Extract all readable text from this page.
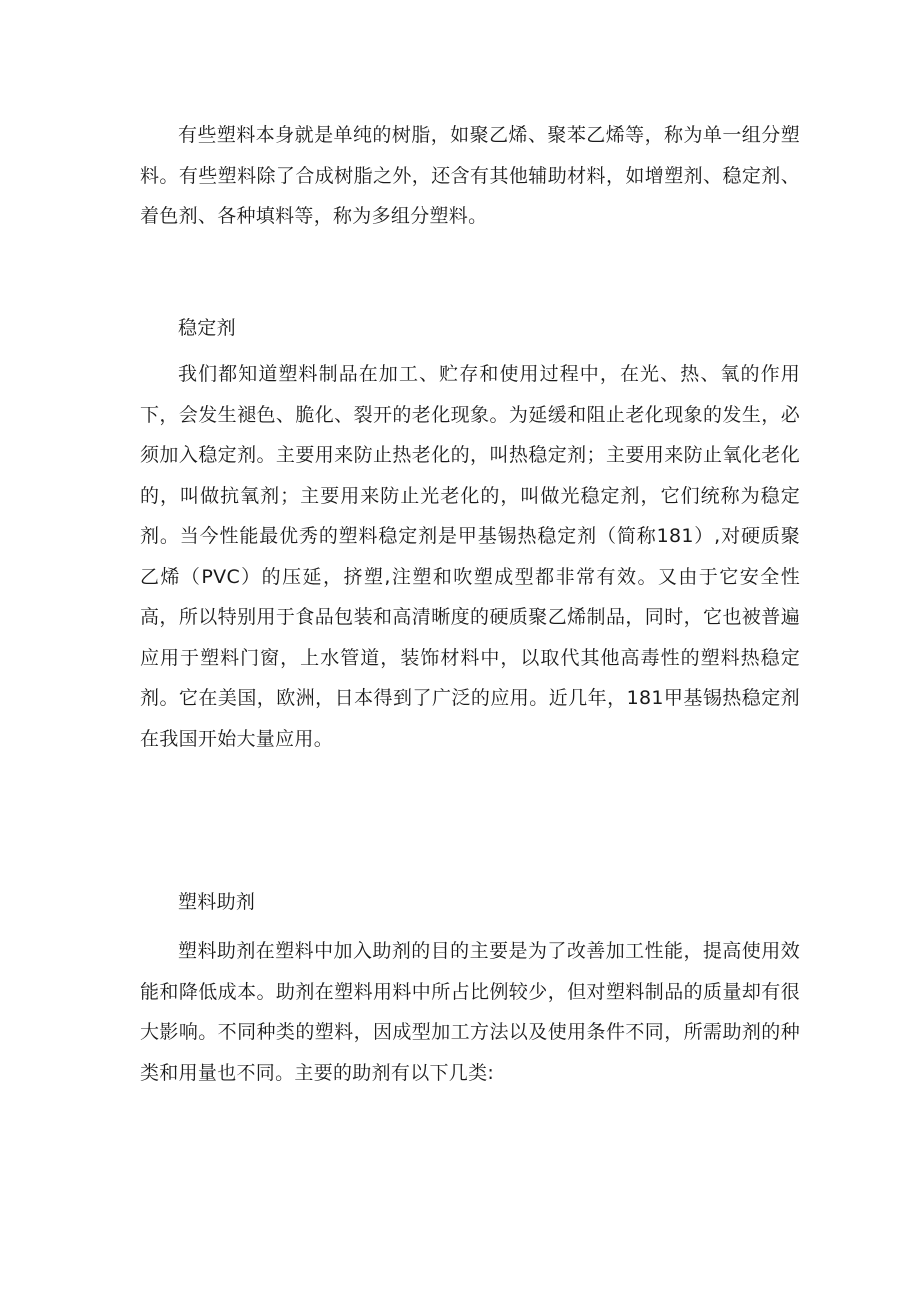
有些塑料本身就是单纯的树脂，如聚乙烯、聚苯乙烯等，称为单一组分塑料。有些塑料除了合成树脂之外，还含有其他辅助材料，如增塑剂、稳定剂、着色剂、各种填料等，称为多组分塑料。

稳定剂

我们都知道塑料制品在加工、贮存和使用过程中，在光、热、氧的作用下，会发生褪色、脆化、裂开的老化现象。为延缓和阻止老化现象的发生，必须加入稳定剂。主要用来防止热老化的，叫热稳定剂；主要用来防止氧化老化的，叫做抗氧剂；主要用来防止光老化的，叫做光稳定剂，它们统称为稳定剂。当今性能最优秀的塑料稳定剂是甲基锡热稳定剂（简称181）,对硬质聚乙烯（PVC）的压延，挤塑,注塑和吹塑成型都非常有效。又由于它安全性高，所以特别用于食品包装和高清晰度的硬质聚乙烯制品，同时，它也被普遍应用于塑料门窗，上水管道，装饰材料中，以取代其他高毒性的塑料热稳定剂。它在美国，欧洲，日本得到了广泛的应用。近几年，181甲基锡热稳定剂在我国开始大量应用。

塑料助剂

塑料助剂在塑料中加入助剂的目的主要是为了改善加工性能，提高使用效能和降低成本。助剂在塑料用料中所占比例较少，但对塑料制品的质量却有很大影响。不同种类的塑料，因成型加工方法以及使用条件不同，所需助剂的种类和用量也不同。主要的助剂有以下几类:
